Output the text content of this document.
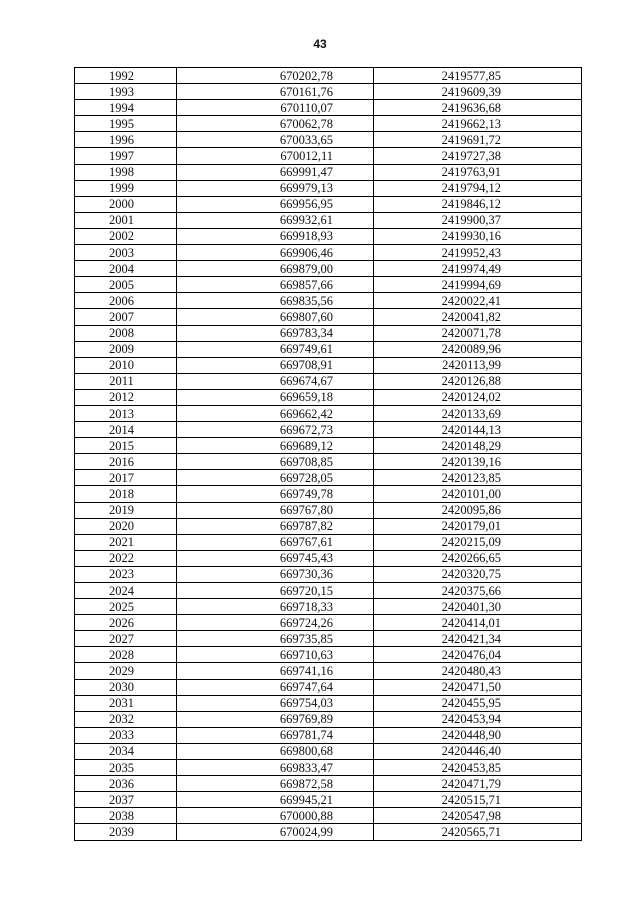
43
1992	670202,78	2419577,85
1993	670161,76	2419609,39
1994	670110,07	2419636,68
1995	670062,78	2419662,13
1996	670033,65	2419691,72
1997	670012,11	2419727,38
1998	669991,47	2419763,91
1999	669979,13	2419794,12
2000	669956,95	2419846,12
2001	669932,61	2419900,37
2002	669918,93	2419930,16
2003	669906,46	2419952,43
2004	669879,00	2419974,49
2005	669857,66	2419994,69
2006	669835,56	2420022,41
2007	669807,60	2420041,82
2008	669783,34	2420071,78
2009	669749,61	2420089,96
2010	669708,91	2420113,99
2011	669674,67	2420126,88
2012	669659,18	2420124,02
2013	669662,42	2420133,69
2014	669672,73	2420144,13
2015	669689,12	2420148,29
2016	669708,85	2420139,16
2017	669728,05	2420123,85
2018	669749,78	2420101,00
2019	669767,80	2420095,86
2020	669787,82	2420179,01
2021	669767,61	2420215,09
2022	669745,43	2420266,65
2023	669730,36	2420320,75
2024	669720,15	2420375,66
2025	669718,33	2420401,30
2026	669724,26	2420414,01
2027	669735,85	2420421,34
2028	669710,63	2420476,04
2029	669741,16	2420480,43
2030	669747,64	2420471,50
2031	669754,03	2420455,95
2032	669769,89	2420453,94
2033	669781,74	2420448,90
2034	669800,68	2420446,40
2035	669833,47	2420453,85
2036	669872,58	2420471,79
2037	669945,21	2420515,71
2038	670000,88	2420547,98
2039	670024,99	2420565,71
